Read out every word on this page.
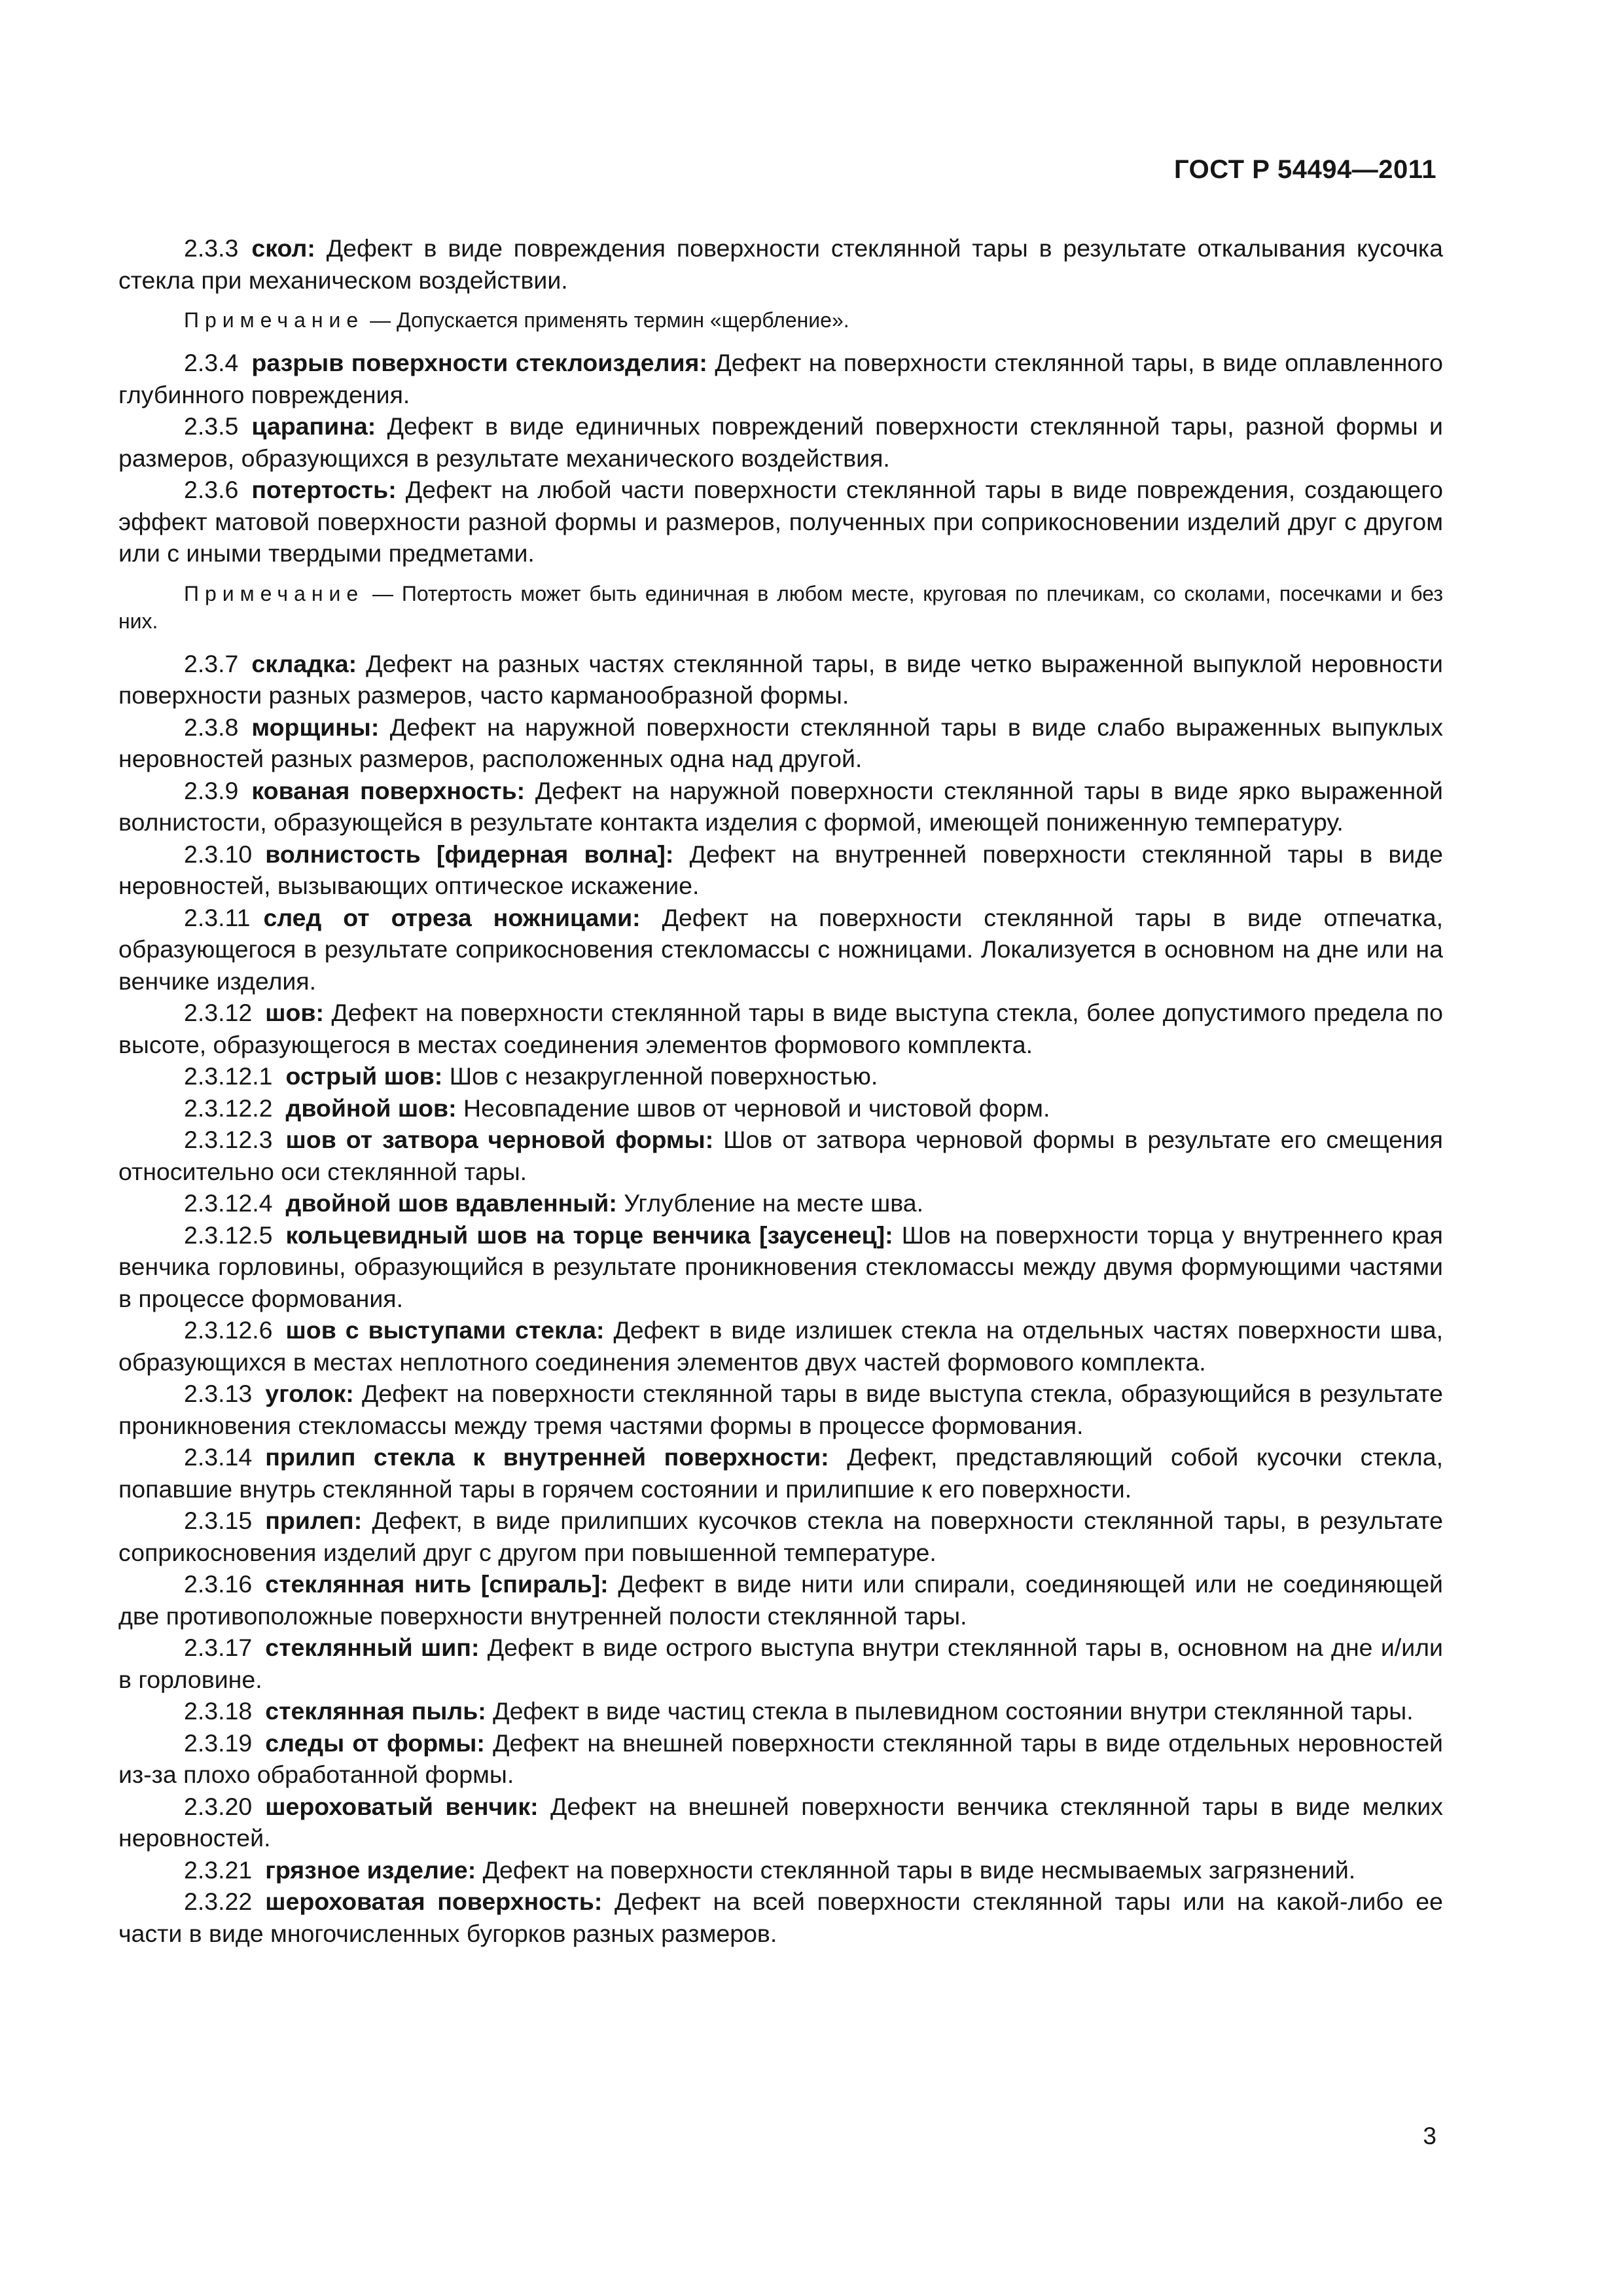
ГОСТ Р 54494—2011

2.3.3 скол: Дефект в виде повреждения поверхности стеклянной тары в результате откалывания кусочка стекла при механическом воздействии.

Примечание — Допускается применять термин «щербление».

2.3.4 разрыв поверхности стеклоизделия: Дефект на поверхности стеклянной тары, в виде оплавленного глубинного повреждения.

2.3.5 царапина: Дефект в виде единичных повреждений поверхности стеклянной тары, разной формы и размеров, образующихся в результате механического воздействия.

2.3.6 потертость: Дефект на любой части поверхности стеклянной тары в виде повреждения, создающего эффект матовой поверхности разной формы и размеров, полученных при соприкосновении изделий друг с другом или с иными твердыми предметами.

Примечание — Потертость может быть единичная в любом месте, круговая по плечикам, со сколами, посечками и без них.

2.3.7 складка: Дефект на разных частях стеклянной тары, в виде четко выраженной выпуклой неровности поверхности разных размеров, часто карманообразной формы.

2.3.8 морщины: Дефект на наружной поверхности стеклянной тары в виде слабо выраженных выпуклых неровностей разных размеров, расположенных одна над другой.

2.3.9 кованая поверхность: Дефект на наружной поверхности стеклянной тары в виде ярко выраженной волнистости, образующейся в результате контакта изделия с формой, имеющей пониженную температуру.

2.3.10 волнистость [фидерная волна]: Дефект на внутренней поверхности стеклянной тары в виде неровностей, вызывающих оптическое искажение.

2.3.11 след от отреза ножницами: Дефект на поверхности стеклянной тары в виде отпечатка, образующегося в результате соприкосновения стекломассы с ножницами. Локализуется в основном на дне или на венчике изделия.

2.3.12 шов: Дефект на поверхности стеклянной тары в виде выступа стекла, более допустимого предела по высоте, образующегося в местах соединения элементов формового комплекта.

2.3.12.1 острый шов: Шов с незакругленной поверхностью.

2.3.12.2 двойной шов: Несовпадение швов от черновой и чистовой форм.

2.3.12.3 шов от затвора черновой формы: Шов от затвора черновой формы в результате его смещения относительно оси стеклянной тары.

2.3.12.4 двойной шов вдавленный: Углубление на месте шва.

2.3.12.5 кольцевидный шов на торце венчика [заусенец]: Шов на поверхности торца у внутреннего края венчика горловины, образующийся в результате проникновения стекломассы между двумя формующими частями в процессе формования.

2.3.12.6 шов с выступами стекла: Дефект в виде излишек стекла на отдельных частях поверхности шва, образующихся в местах неплотного соединения элементов двух частей формового комплекта.

2.3.13 уголок: Дефект на поверхности стеклянной тары в виде выступа стекла, образующийся в результате проникновения стекломассы между тремя частями формы в процессе формования.

2.3.14 прилип стекла к внутренней поверхности: Дефект, представляющий собой кусочки стекла, попавшие внутрь стеклянной тары в горячем состоянии и прилипшие к его поверхности.

2.3.15 прилеп: Дефект, в виде прилипших кусочков стекла на поверхности стеклянной тары, в результате соприкосновения изделий друг с другом при повышенной температуре.

2.3.16 стеклянная нить [спираль]: Дефект в виде нити или спирали, соединяющей или не соединяющей две противоположные поверхности внутренней полости стеклянной тары.

2.3.17 стеклянный шип: Дефект в виде острого выступа внутри стеклянной тары в, основном на дне и/или в горловине.

2.3.18 стеклянная пыль: Дефект в виде частиц стекла в пылевидном состоянии внутри стеклянной тары.

2.3.19 следы от формы: Дефект на внешней поверхности стеклянной тары в виде отдельных неровностей из-за плохо обработанной формы.

2.3.20 шероховатый венчик: Дефект на внешней поверхности венчика стеклянной тары в виде мелких неровностей.

2.3.21 грязное изделие: Дефект на поверхности стеклянной тары в виде несмываемых загрязнений.

2.3.22 шероховатая поверхность: Дефект на всей поверхности стеклянной тары или на какой-либо ее части в виде многочисленных бугорков разных размеров.

3
